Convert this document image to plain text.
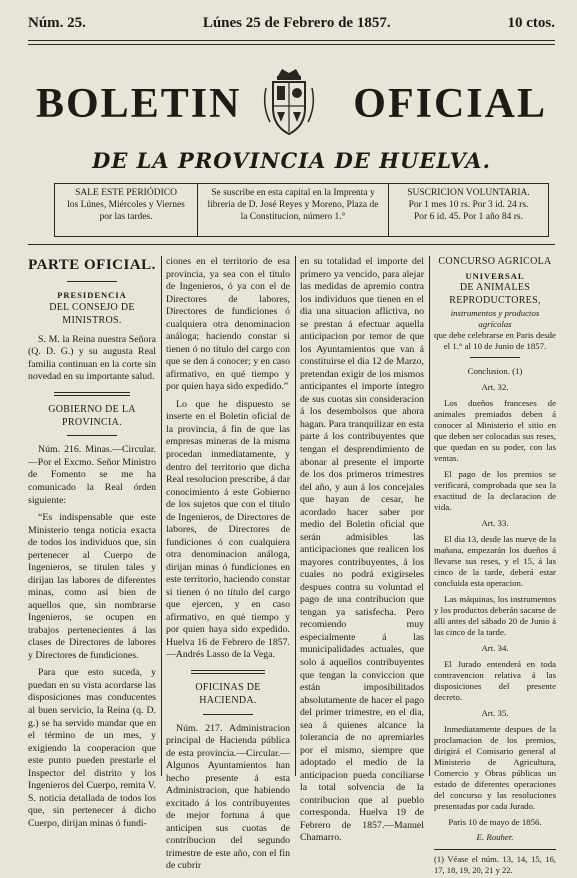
Núm. 25.	Lúnes 25 de Febrero de 1857.	10 ctos.
BOLETIN	OFICIAL
DE LA PROVINCIA DE HUELVA.
SALE ESTE PERIÓDICO
los Lúnes, Miércoles y Viernes por las tardes.
Se suscribe en esta capital en la Imprenta y librería de D. José Reyes y Moreno, Plaza de la Constitucion, número 1.°
SUSCRICION VOLUNTARIA.
Por 1 mes 10 rs. Por 3 id. 24 rs.
Por 6 id. 45. Por 1 año 84 rs.
PARTE OFICIAL.
PRESIDENCIA
DEL CONSEJO DE MINISTROS.

S. M. la Reina nuestra Señora (Q. D. G.) y su augusta Real familia continuan en la corte sin novedad en su importante salud.

GOBIERNO DE LA PROVINCIA.

Núm. 216. Minas.—Circular.—Por el Excmo. Señor Ministro de Fomento se me ha comunicado la Real órden siguiente:

“Es indispensable que este Ministerio tenga noticia exacta de todos los individuos que, sin pertenecer al Cuerpo de Ingenieros, se titulen tales y dirijan las labores de diferentes minas, como así bien de aquellos que, sin nombrarse Ingenieros, se ocupen en trabajos pertenecientes á las clases de Directores de labores y Directores de fundiciones.

Para que esto suceda, y puedan en su vista acordarse las disposiciones mas conducentes al buen servicio, la Reina (q. D. g.) se ha servido mandar que en el término de un mes, y exigiendo la cooperacion que este punto pueden prestarle el Inspector del distrito y los Ingenieros del Cuerpo, remita V. S. noticia detallada de todos los que, sin pertenecer á dicho Cuerpo, dirijan minas ó fundi-

ciones en el territorio de esa provincia, ya sea con el título de Ingenieros, ó ya con el de Directores de labores, Directores de fundiciones ó cualquiera otra denominacion análoga; haciendo constar si tienen ó no título del cargo con que se den á conocer; y en caso afirmativo, en qué tiempo y por quien haya sido expedido.”

Lo que he dispuesto se inserte en el Boletin oficial de la provincia, á fin de que las empresas mineras de la misma procedan inmediatamente, y dentro del territorio que dicha Real resolucion prescribe, á dar conocimiento á este Gobierno de los sujetos que con el título de Ingenieros, de Directores de labores, de Directores de fundiciones ó con cualquiera otra denominacion análoga, dirijan minas ó fundiciones en este territorio, haciendo constar si tienen ó no título del cargo que ejercen, y en caso afirmativo, en qué tiempo y por quien haya sido expedido. Huelva 16 de Febrero de 1857. —Andrés Lasso de la Vega.

OFICINAS DE HACIENDA.

Núm. 217. Administracion principal de Hacienda pública de esta provincia.—Circular.—Algunos Ayuntamientos han hecho presente á esta Administracion, que habiendo excitado á los contribuyentes de mejor fortuna á que anticipen sus cuotas de contribucion del segundo trimestre de este año, con el fin de cubrir

en su totalidad el importe del primero ya vencido, para alejar las medidas de apremio contra los individuos que tienen en el dia una situacion aflictiva, no se prestan á efectuar aquella anticipacion por temor de que los Ayuntamientos que van á constituirse el dia 12 de Marzo, pretendan exigir de los mismos anticipantes el importe íntegro de sus cuotas sin consideracion á los desembolsos que ahora hagan. Para tranquilizar en esta parte á los contribuyentes que tengan el desprendimiento de abonar al presente el importe de los dos primeros trimestres del año, y aun á los concejales que hayan de cesar, he acordado hacer saber por medio del Boletin oficial que serán admisibles las anticipaciones que realicen los mayores contribuyentes, á los cuales no podrá exigírseles despues contra su voluntad el pago de una contribucion que tengan ya satisfecha. Pero recomiendo muy especialmente á las municipalidades actuales, que solo á aquellos contribuyentes que tengan la conviccion que están imposibilitados absolutamente de hacer el pago del primer trimestre, en el dia, sea á quienes alcance la tolerancia de no apremiarles por el mismo, siempre que adoptado el medio de la anticipacion pueda conciliarse la total solvencia de la contribucion que al pueblo corresponda. Huelva 19 de Febrero de 1857.—Manuel Chamarro.

CONCURSO AGRICOLA
UNIVERSAL
DE ANIMALES REPRODUCTORES,
instrumentos y productos agrícolas

que debe celebrarse en Paris desde el 1.° al 10 de Junio de 1857.

Conclusion. (1)

Art. 32.

Los dueños franceses de animales premiados deben á conocer al Ministerio el sitio en que deben ser colocadas sus reses, que quedan en su poder, con las ventas.

El pago de los premios se verificará, comprobada que sea la exactitud de la declaracion de vida.

Art. 33.

El dia 13, desde las nueve de la mañana, empezarán los dueños á llevarse sus reses, y el 15, á las cinco de la tarde, deberá estar concluida esta operacion.

Las máquinas, los instrumentos y los productos deberán sacarse de allí antes del sábado 20 de Junio á las cinco de la tarde.

Art. 34.

El Jurado entenderá en toda contravencion relativa á las disposiciones del presente decreto.

Art. 35.

Inmediatamente despues de la proclamacion de los premios, dirigirá el Comisario general al Ministerio de Agricultura, Comercio y Obras públicas un estado de diferentes operaciones del concurso y las resoluciones presentadas por cada Jurado.

Paris 10 de mayo de 1856.

E. Rouher.

(1) Véase el núm. 13, 14, 15, 16, 17, 18, 19, 20, 21 y 22.
